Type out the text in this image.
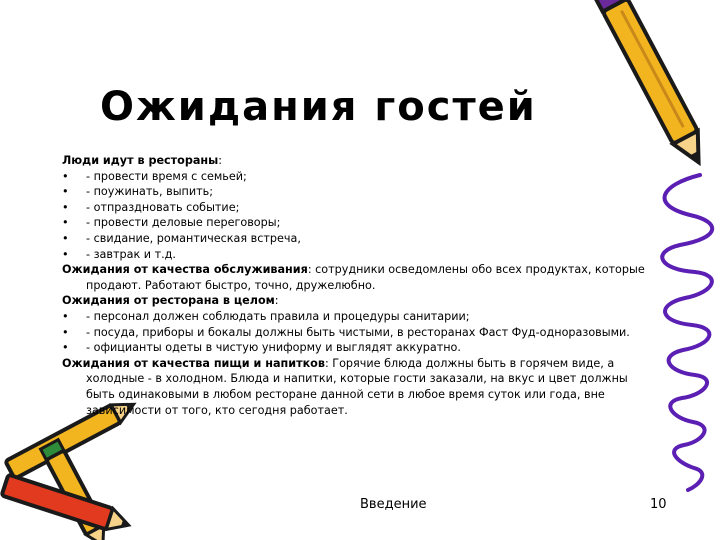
Ожидания гостей

Люди идут в рестораны:

•	- провести время с семьей;
•	- поужинать, выпить;
•	- отпраздновать событие;
•	- провести деловые переговоры;
•	- свидание, романтическая встреча,
•	- завтрак и т.д.

Ожидания от качества обслуживания: сотрудники осведомлены обо всех продуктах, которые продают. Работают быстро, точно, дружелюбно.

Ожидания от ресторана в целом:

•	- персонал должен соблюдать правила и процедуры санитарии;
•	- посуда, приборы и бокалы должны быть чистыми, в ресторанах Фаст Фуд-одноразовыми.
•	- официанты одеты в чистую униформу и выглядят аккуратно.

Ожидания от качества пищи и напитков: Горячие блюда должны быть в горячем виде, а холодные - в холодном. Блюда и напитки, которые гости заказали, на вкус и цвет должны быть одинаковыми в любом ресторане данной сети в любое время суток или года, вне зависимости от того, кто сегодня работает.

Введение	10
